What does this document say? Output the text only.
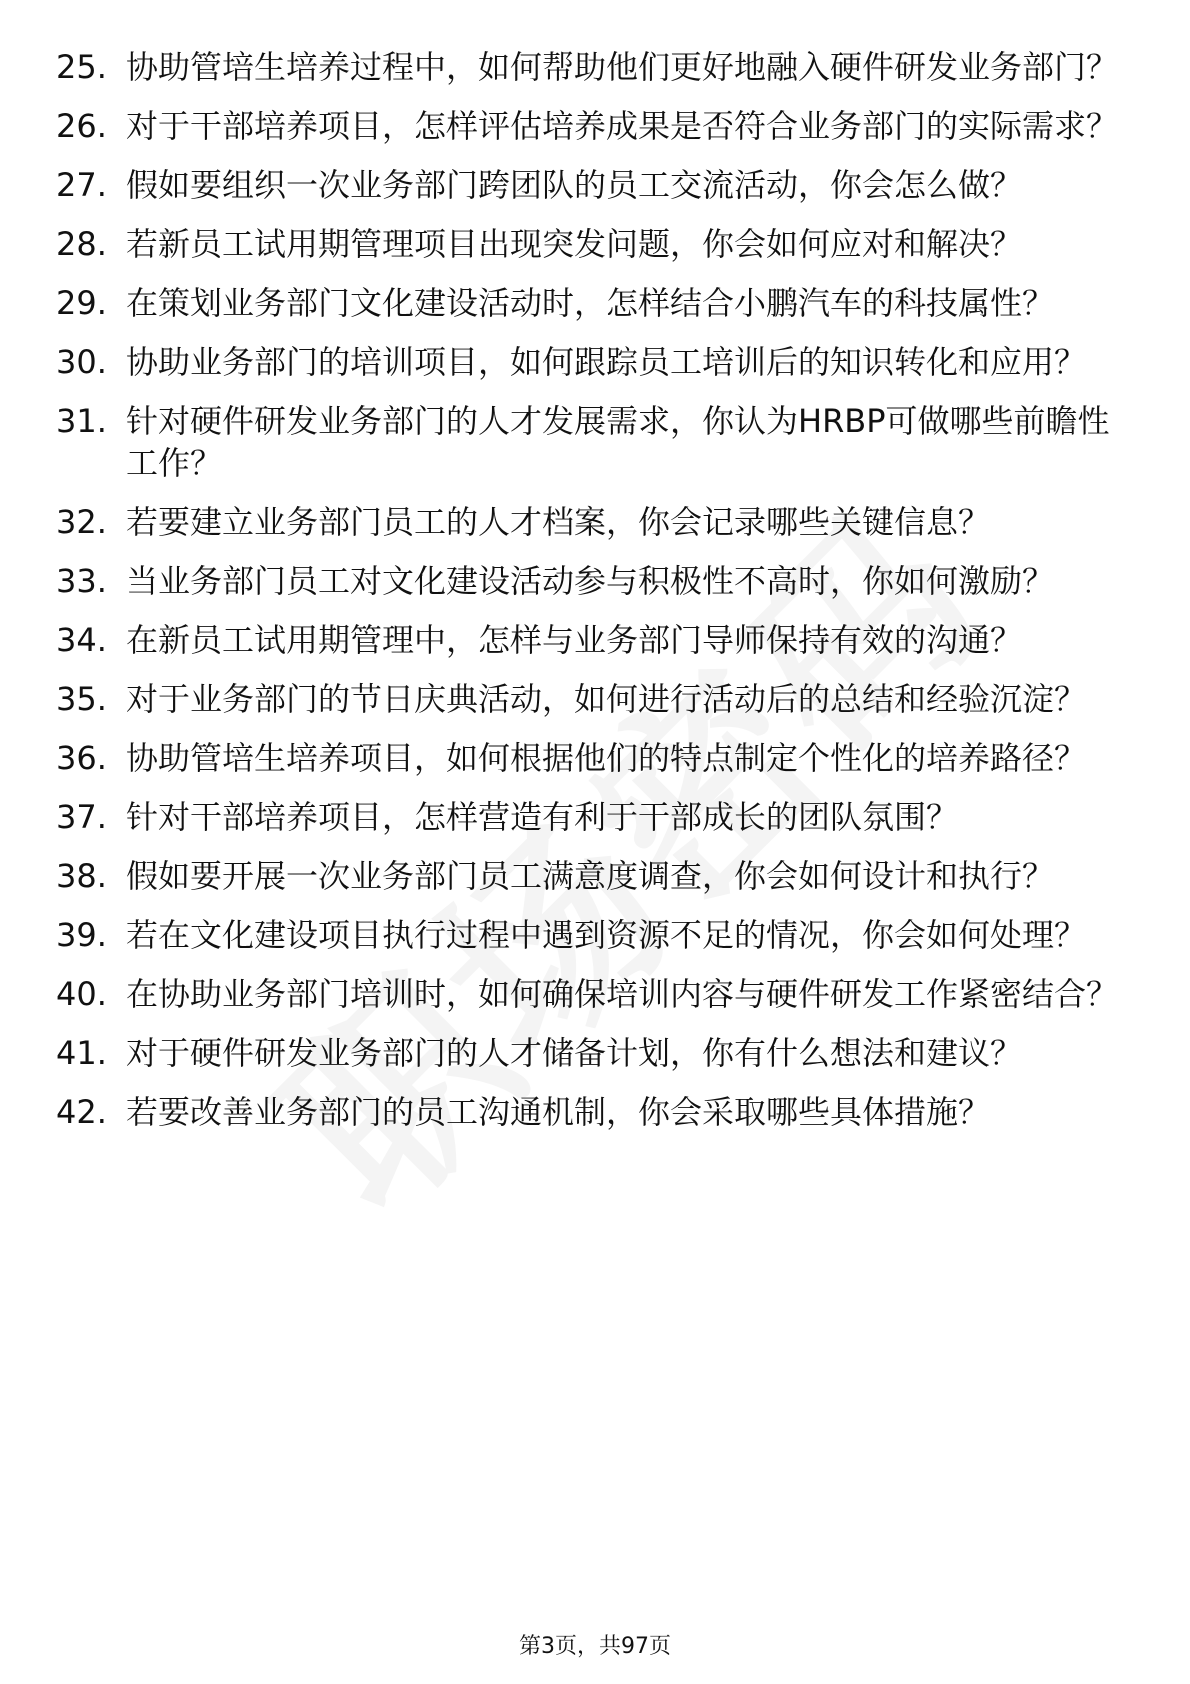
25. 协助管培生培养过程中，如何帮助他们更好地融入硬件研发业务部门？
26. 对于干部培养项目，怎样评估培养成果是否符合业务部门的实际需求？
27. 假如要组织一次业务部门跨团队的员工交流活动，你会怎么做？
28. 若新员工试用期管理项目出现突发问题，你会如何应对和解决？
29. 在策划业务部门文化建设活动时，怎样结合小鹏汽车的科技属性？
30. 协助业务部门的培训项目，如何跟踪员工培训后的知识转化和应用？
31. 针对硬件研发业务部门的人才发展需求，你认为HRBP可做哪些前瞻性工作？
32. 若要建立业务部门员工的人才档案，你会记录哪些关键信息？
33. 当业务部门员工对文化建设活动参与积极性不高时，你如何激励？
34. 在新员工试用期管理中，怎样与业务部门导师保持有效的沟通？
35. 对于业务部门的节日庆典活动，如何进行活动后的总结和经验沉淀？
36. 协助管培生培养项目，如何根据他们的特点制定个性化的培养路径？
37. 针对干部培养项目，怎样营造有利于干部成长的团队氛围？
38. 假如要开展一次业务部门员工满意度调查，你会如何设计和执行？
39. 若在文化建设项目执行过程中遇到资源不足的情况，你会如何处理？
40. 在协助业务部门培训时，如何确保培训内容与硬件研发工作紧密结合？
41. 对于硬件研发业务部门的人才储备计划，你有什么想法和建议？
42. 若要改善业务部门的员工沟通机制，你会采取哪些具体措施？
第3页，共97页
